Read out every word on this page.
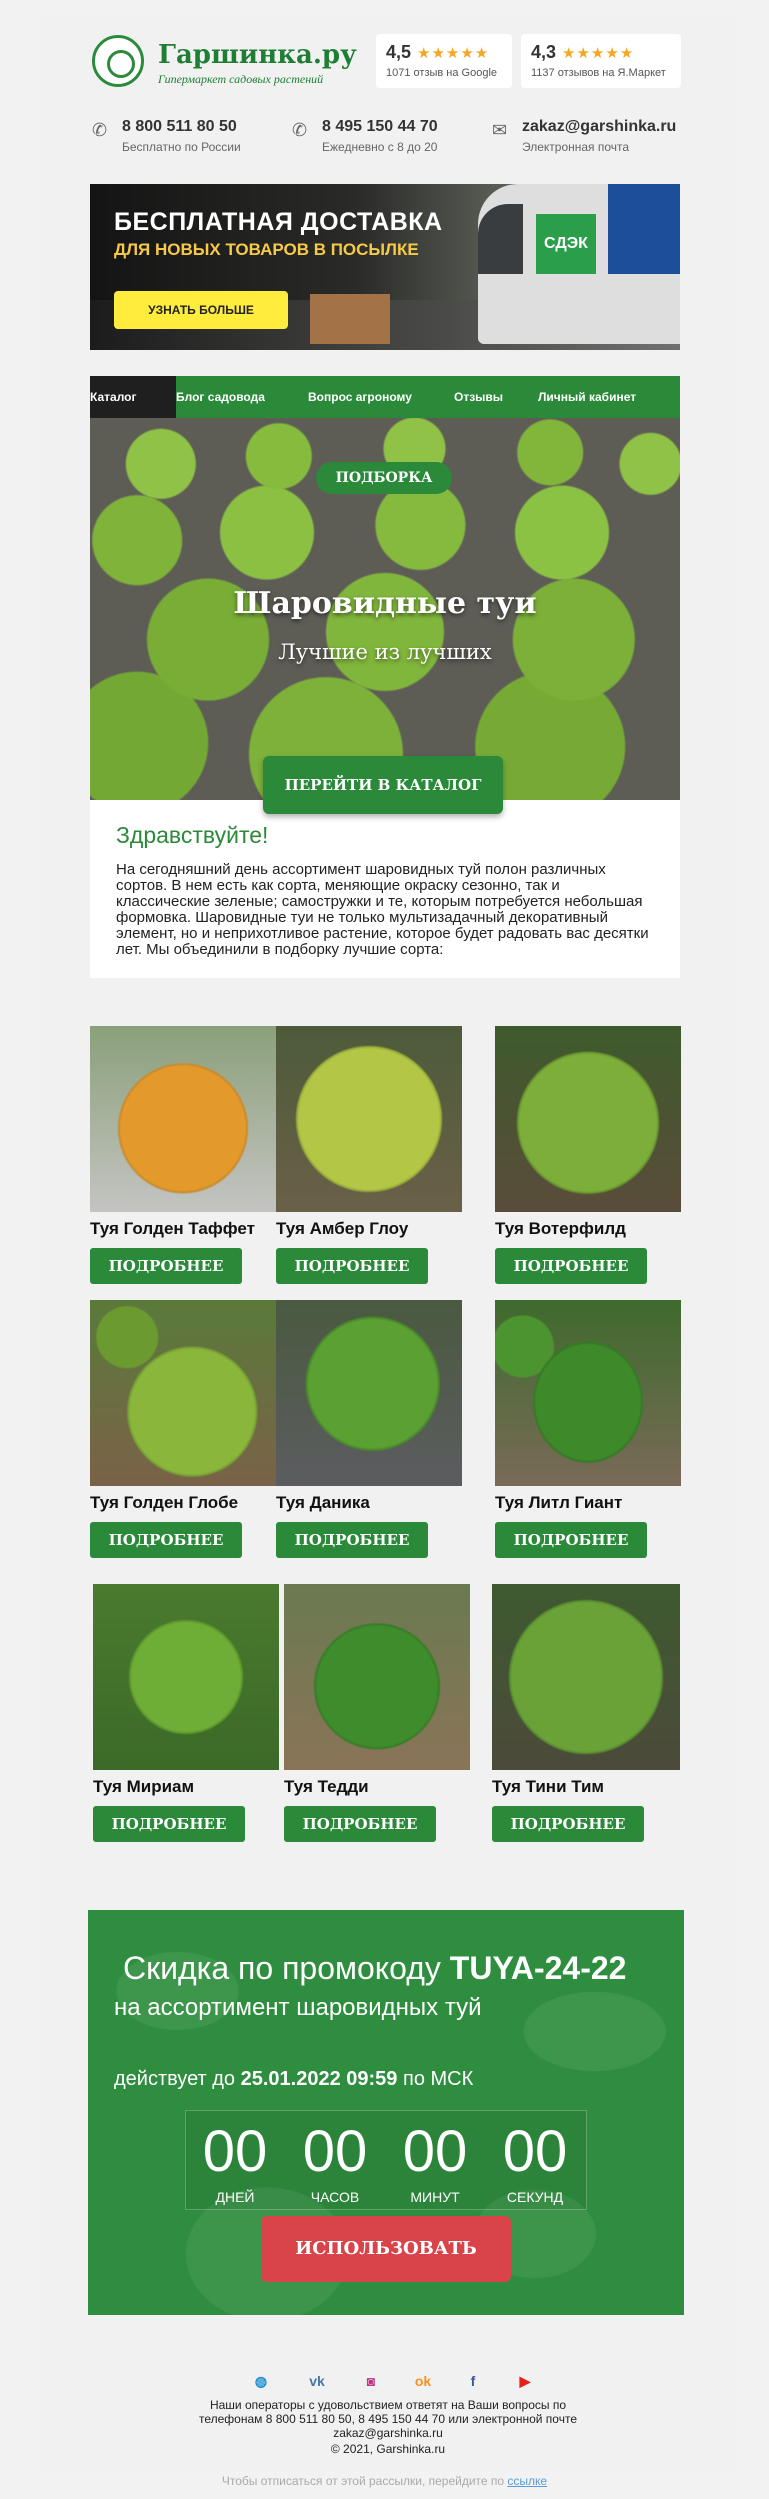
Гаршинка.ру
Гипермаркет садовых растений
4,5 ★★★★★
1071 отзыв на Google
4,3 ★★★★★
1137 отзывов на Я.Маркет
✆ 8 800 511 80 50
Бесплатно по России
✆ 8 495 150 44 70
Ежедневно с 8 до 20
✉ zakaz@garshinka.ru
Электронная почта
СДЭК
БЕСПЛАТНАЯ ДОСТАВКА
ДЛЯ НОВЫХ ТОВАРОВ В ПОСЫЛКЕ
УЗНАТЬ БОЛЬШЕ
Каталог	Блог садовода	Вопрос агроному	Отзывы	Личный кабинет
ПОДБОРКА
Шаровидные туи
Лучшие из лучших
ПЕРЕЙТИ В КАТАЛОГ
Здравствуйте!
На сегодняшний день ассортимент шаровидных туй полон различных сортов. В нем есть как сорта, меняющие окраску сезонно, так и классические зеленые; самостружки и те, которым потребуется небольшая формовка. Шаровидные туи не только мультизадачный декоративный элемент, но и неприхотливое растение, которое будет радовать вас десятки лет. Мы объединили в подборку лучшие сорта:
Туя Голден Таффет
ПОДРОБНЕЕ
Туя Амбер Глоу
ПОДРОБНЕЕ
Туя Вотерфилд
ПОДРОБНЕЕ
Туя Голден Глобе
ПОДРОБНЕЕ
Туя Даника
ПОДРОБНЕЕ
Туя Литл Гиант
ПОДРОБНЕЕ
Туя Мириам
ПОДРОБНЕЕ
Туя Тедди
ПОДРОБНЕЕ
Туя Тини Тим
ПОДРОБНЕЕ
Скидка по промокоду TUYA-24-22
на ассортимент шаровидных туй
действует до 25.01.2022 09:59 по МСК
00
ДНЕЙ
00
ЧАСОВ
00
МИНУТ
00
СЕКУНД
ИСПОЛЬЗОВАТЬ
◍	vk	◙	ok	f	▶
Наши операторы с удовольствием ответят на Ваши вопросы по
телефонам 8 800 511 80 50, 8 495 150 44 70 или электронной почте
zakaz@garshinka.ru
© 2021, Garshinka.ru
Чтобы отписаться от этой рассылки, перейдите по ссылке
